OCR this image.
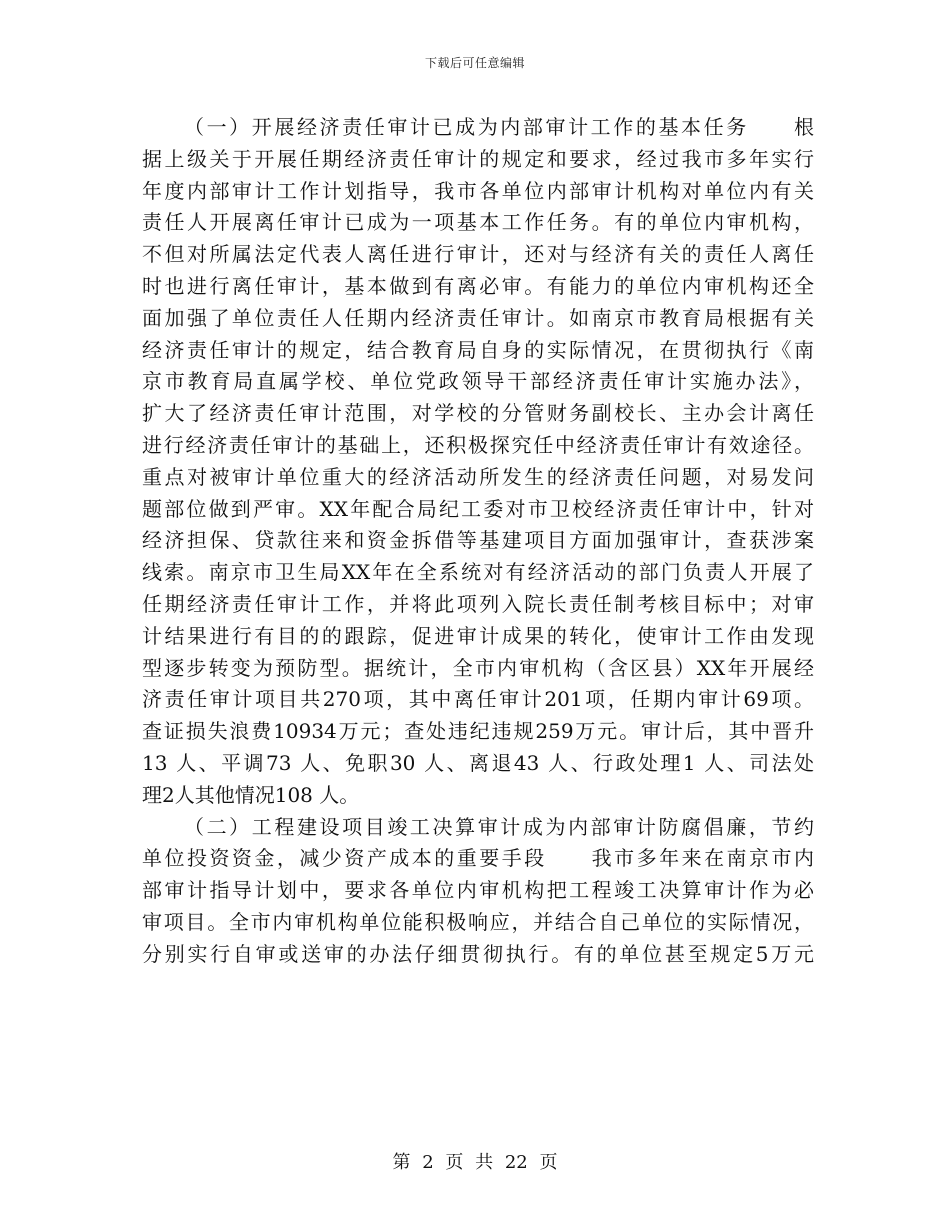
下载后可任意编辑
（一）开展经济责任审计已成为内部审计工作的基本任务　　根
据上级关于开展任期经济责任审计的规定和要求，经过我市多年实行
年度内部审计工作计划指导，我市各单位内部审计机构对单位内有关
责任人开展离任审计已成为一项基本工作任务。有的单位内审机构，
不但对所属法定代表人离任进行审计，还对与经济有关的责任人离任
时也进行离任审计，基本做到有离必审。有能力的单位内审机构还全
面加强了单位责任人任期内经济责任审计。如南京市教育局根据有关
经济责任审计的规定，结合教育局自身的实际情况，在贯彻执行《南
京市教育局直属学校、单位党政领导干部经济责任审计实施办法》，
扩大了经济责任审计范围，对学校的分管财务副校长、主办会计离任
进行经济责任审计的基础上，还积极探究任中经济责任审计有效途径。
重点对被审计单位重大的经济活动所发生的经济责任问题，对易发问
题部位做到严审。XX年配合局纪工委对市卫校经济责任审计中，针对
经济担保、贷款往来和资金拆借等基建项目方面加强审计，查获涉案
线索。南京市卫生局XX年在全系统对有经济活动的部门负责人开展了
任期经济责任审计工作，并将此项列入院长责任制考核目标中；对审
计结果进行有目的的跟踪，促进审计成果的转化，使审计工作由发现
型逐步转变为预防型。据统计，全市内审机构（含区县）XX年开展经
济责任审计项目共270项，其中离任审计201项，任期内审计69项。
查证损失浪费10934万元；查处违纪违规259万元。审计后，其中晋升
13 人、平调73 人、免职30 人、离退43 人、行政处理1 人、司法处
理2人其他情况108 人。
（二）工程建设项目竣工决算审计成为内部审计防腐倡廉，节约
单位投资资金，减少资产成本的重要手段　　我市多年来在南京市内
部审计指导计划中，要求各单位内审机构把工程竣工决算审计作为必
审项目。全市内审机构单位能积极响应，并结合自己单位的实际情况，
分别实行自审或送审的办法仔细贯彻执行。有的单位甚至规定5万元
第 2 页 共 22 页
